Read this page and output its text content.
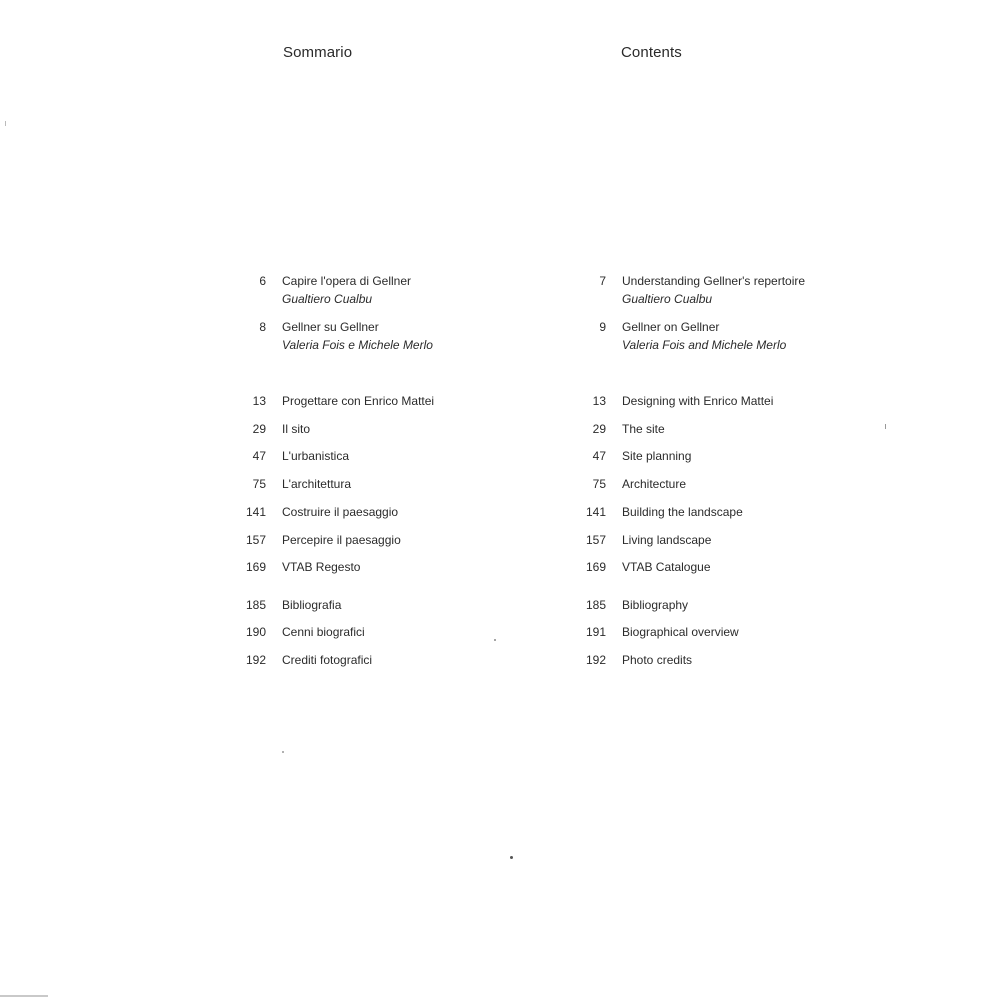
Sommario
6 Capire l'opera di Gellner
Gualtiero Cualbu
8 Gellner su Gellner
Valeria Fois e Michele Merlo
13 Progettare con Enrico Mattei
29 Il sito
47 L'urbanistica
75 L'architettura
141 Costruire il paesaggio
157 Percepire il paesaggio
169 VTAB Regesto
185 Bibliografia
190 Cenni biografici
192 Crediti fotografici
Contents
7 Understanding Gellner's repertoire
Gualtiero Cualbu
9 Gellner on Gellner
Valeria Fois and Michele Merlo
13 Designing with Enrico Mattei
29 The site
47 Site planning
75 Architecture
141 Building the landscape
157 Living landscape
169 VTAB Catalogue
185 Bibliography
191 Biographical overview
192 Photo credits
